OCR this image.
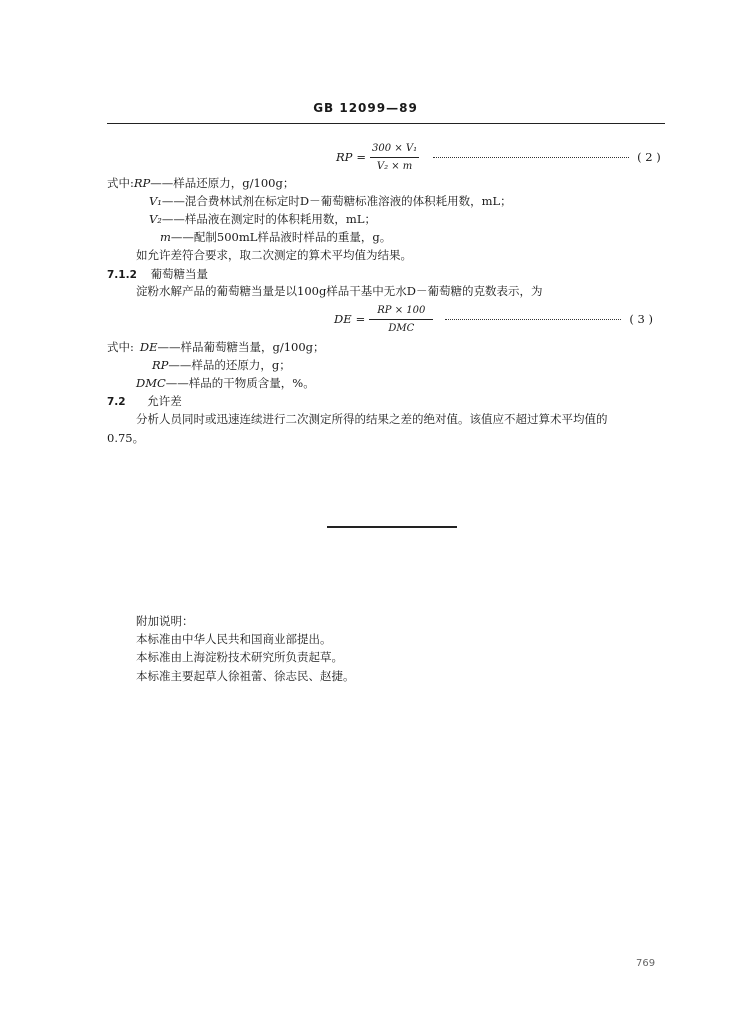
GB 12099—89
RP = $\frac{\text{300 × V₁}}{\text{V₂ × m}}$	( 2 )
式中:RP——样品还原力，g/100g；
V₁——混合费林试剂在标定时D－葡萄糖标准溶液的体积耗用数，mL；
V₂——样品液在测定时的体积耗用数，mL；
m——配制500mL样品液时样品的重量，g。
如允许差符合要求，取二次测定的算术平均值为结果。
7.1.2 葡萄糖当量
淀粉水解产品的葡萄糖当量是以100g样品干基中无水D－葡萄糖的克数表示，为
DE = $\frac{RP \times 100}{\text{DMC}}$	( 3 )
式中: DE——样品葡萄糖当量，g/100g；
RP——样品的还原力，g；
DMC——样品的干物质含量，%。
7.2 允许差
分析人员同时或迅速连续进行二次测定所得的结果之差的绝对值。该值应不超过算术平均值的
0.75。
附加说明：
本标准由中华人民共和国商业部提出。
本标准由上海淀粉技术研究所负责起草。
本标准主要起草人徐祖蕾、徐志民、赵捷。
769
